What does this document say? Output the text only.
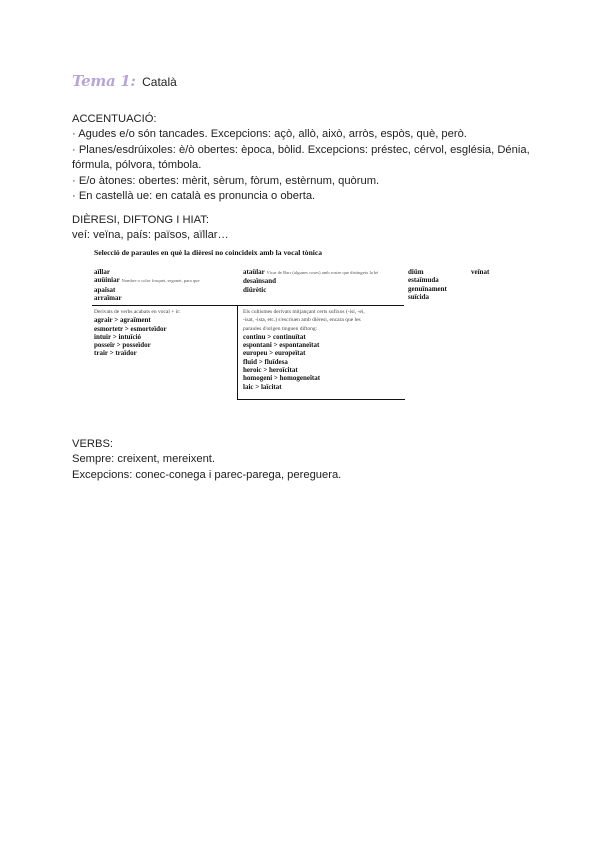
Tema 1: Català

ACCENTUACIÓ:

· Agudes e/o són tancades. Excepcions: açò, allò, això, arròs, espòs, què, però.

· Planes/esdrúixoles: è/ò obertes: època, bòlid. Excepcions: préstec, cérvol, església, Dénia,

fórmula, pólvora, tómbola.

· E/o àtones: obertes: mèrit, sèrum, fòrum, estèrnum, quòrum.

· En castellà ue: en català es pronuncia o oberta.

DIÈRESI, DIFTONG I HIAT:

veí: veïna, país: països, aïllar…

Selecció de paraules en què la dièresi no coincideix amb la vocal tònica
aïllar
auüiniar Nombre o color fosquet, segonet, para que
apaïsat
arraïmar
ataülar Vicar de Barr (algunes coses) amb rostre que distingeix la bé
desaïnsand
diürètic
diüm
estaïmuda
genuïnament
suïcida
veïnat
Derivats de verbs acabats en vocal + ir:
agrair > agraïment
esmortetr > esmorteïdor
intuir > intuïció
posseir > posseïdor
trair > traïdor
Els cultismes derivats mitjançant certs sufixos (-isí, -ei,
-isat, -ista, etc.) s'escriuen amb dièresi, encara que les
paraules d'origen tinguen diftong:
continu > continuïtat
espontani > espontaneïtat
europeu > europeïtat
fluid > fluïdesa
heroic > heroïcitat
homogeni > homogeneïtat
laic > laïcitat

VERBS:

Sempre: creixent, mereixent.

Excepcions: conec-conega i parec-parega, pereguera.
